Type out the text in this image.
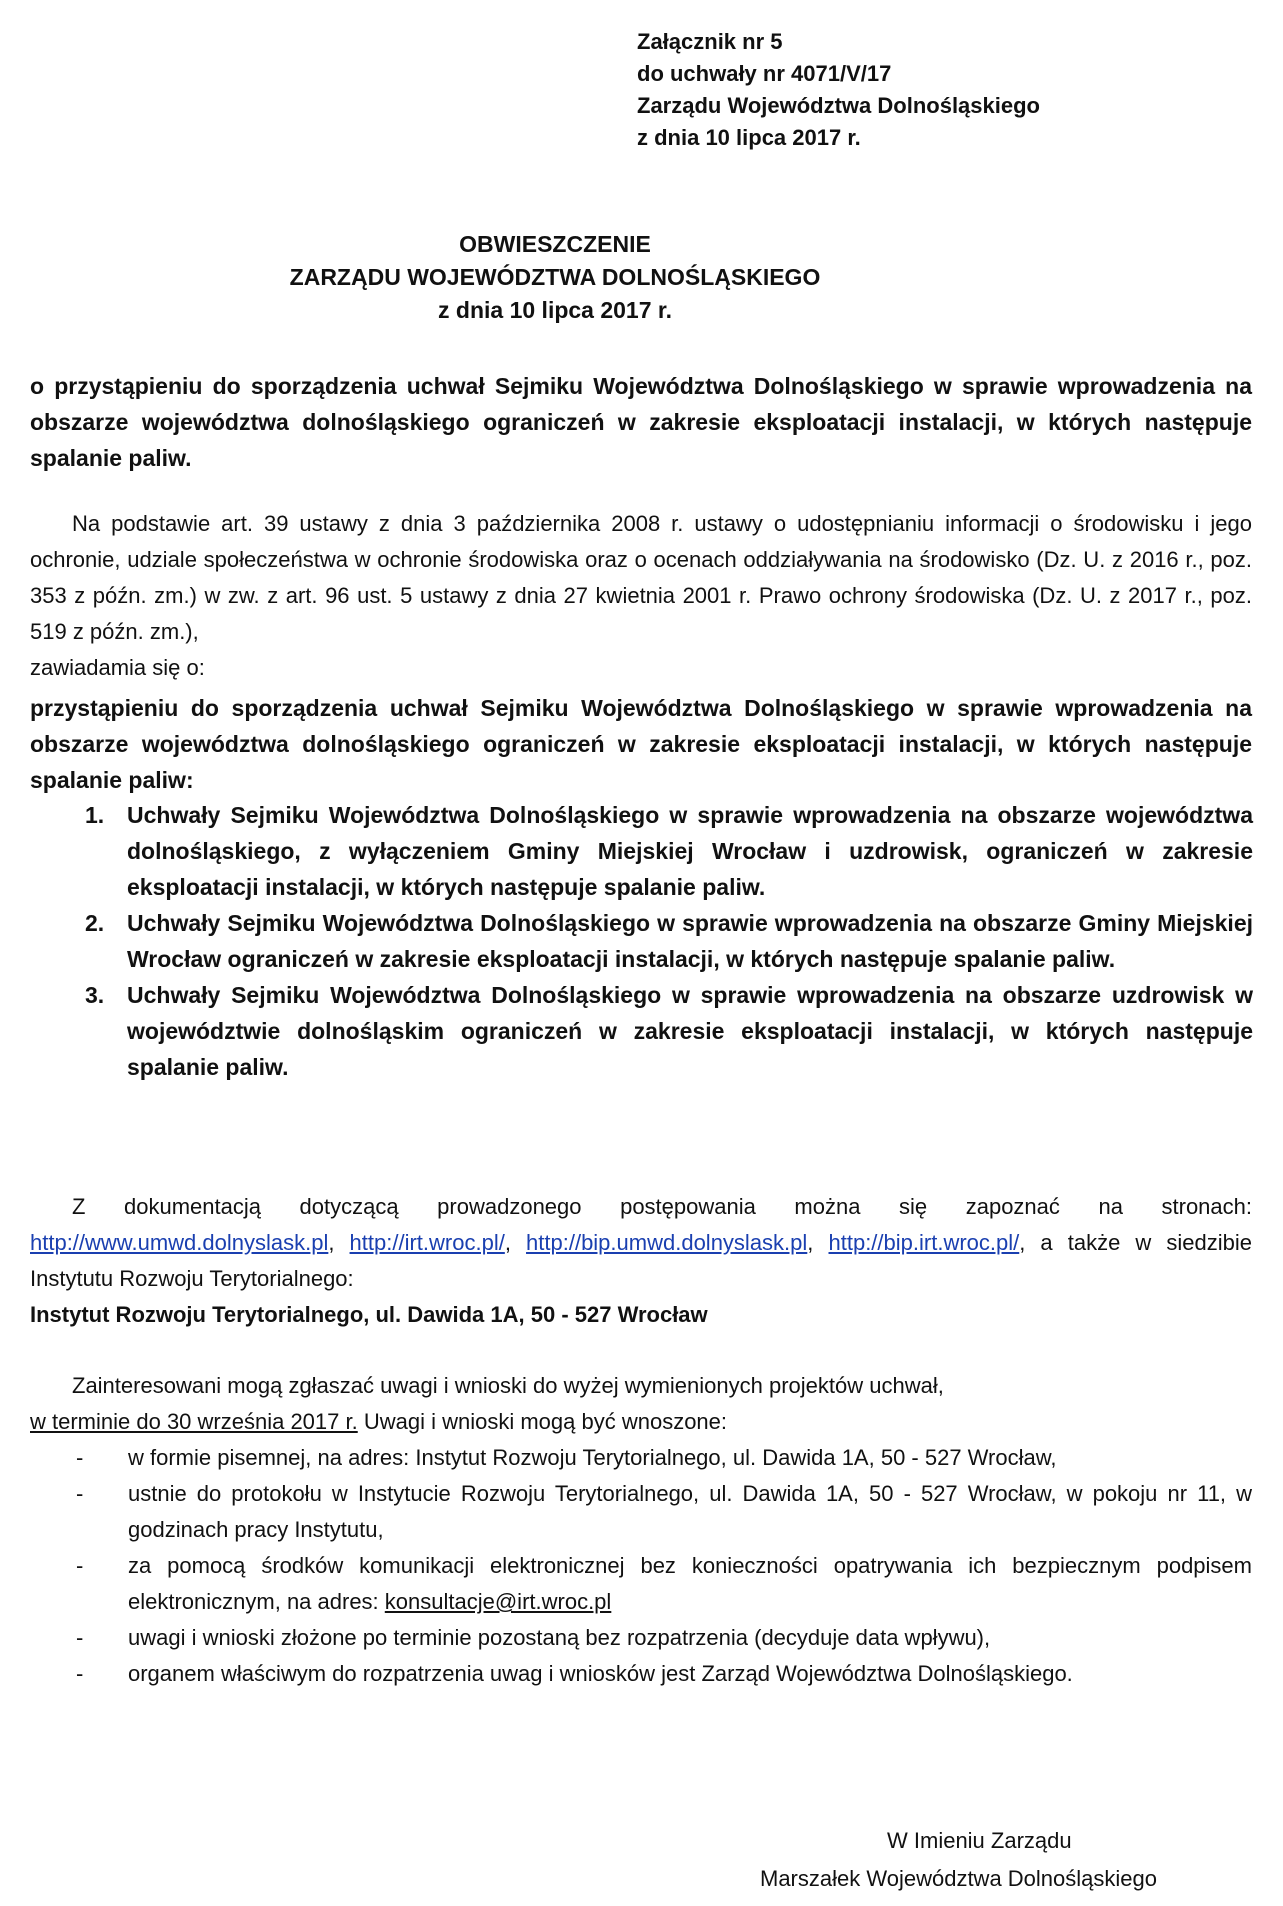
Załącznik nr 5
do uchwały nr 4071/V/17
Zarządu Województwa Dolnośląskiego
z dnia 10 lipca 2017 r.
OBWIESZCZENIE
ZARZĄDU WOJEWÓDZTWA DOLNOŚLĄSKIEGO
z dnia 10 lipca 2017 r.
o przystąpieniu do sporządzenia uchwał Sejmiku Województwa Dolnośląskiego w sprawie wprowadzenia na obszarze województwa dolnośląskiego ograniczeń w zakresie eksploatacji instalacji, w których następuje spalanie paliw.
Na podstawie art. 39 ustawy z dnia 3 października 2008 r. ustawy o udostępnianiu informacji o środowisku i jego ochronie, udziale społeczeństwa w ochronie środowiska oraz o ocenach oddziaływania na środowisko (Dz. U. z 2016 r., poz. 353 z późn. zm.) w zw. z art. 96 ust. 5 ustawy z dnia 27 kwietnia 2001 r. Prawo ochrony środowiska (Dz. U. z 2017 r., poz. 519 z późn. zm.),
zawiadamia się o:
przystąpieniu do sporządzenia uchwał Sejmiku Województwa Dolnośląskiego w sprawie wprowadzenia na obszarze województwa dolnośląskiego ograniczeń w zakresie eksploatacji instalacji, w których następuje spalanie paliw:
1. Uchwały Sejmiku Województwa Dolnośląskiego w sprawie wprowadzenia na obszarze województwa dolnośląskiego, z wyłączeniem Gminy Miejskiej Wrocław i uzdrowisk, ograniczeń w zakresie eksploatacji instalacji, w których następuje spalanie paliw.
2. Uchwały Sejmiku Województwa Dolnośląskiego w sprawie wprowadzenia na obszarze Gminy Miejskiej Wrocław ograniczeń w zakresie eksploatacji instalacji, w których następuje spalanie paliw.
3. Uchwały Sejmiku Województwa Dolnośląskiego w sprawie wprowadzenia na obszarze uzdrowisk w województwie dolnośląskim ograniczeń w zakresie eksploatacji instalacji, w których następuje spalanie paliw.
Z dokumentacją dotyczącą prowadzonego postępowania można się zapoznać na stronach: http://www.umwd.dolnyslask.pl, http://irt.wroc.pl/, http://bip.umwd.dolnyslask.pl, http://bip.irt.wroc.pl/, a także w siedzibie Instytutu Rozwoju Terytorialnego:
Instytut Rozwoju Terytorialnego, ul. Dawida 1A, 50 - 527 Wrocław
Zainteresowani mogą zgłaszać uwagi i wnioski do wyżej wymienionych projektów uchwał,
w terminie do 30 września 2017 r. Uwagi i wnioski mogą być wnoszone:
- w formie pisemnej, na adres: Instytut Rozwoju Terytorialnego, ul. Dawida 1A, 50 - 527 Wrocław,
- ustnie do protokołu w Instytucie Rozwoju Terytorialnego, ul. Dawida 1A, 50 - 527 Wrocław, w pokoju nr 11, w godzinach pracy Instytutu,
- za pomocą środków komunikacji elektronicznej bez konieczności opatrywania ich bezpiecznym podpisem elektronicznym, na adres: konsultacje@irt.wroc.pl
- uwagi i wnioski złożone po terminie pozostaną bez rozpatrzenia (decyduje data wpływu),
- organem właściwym do rozpatrzenia uwag i wniosków jest Zarząd Województwa Dolnośląskiego.
W Imieniu Zarządu
Marszałek Województwa Dolnośląskiego
